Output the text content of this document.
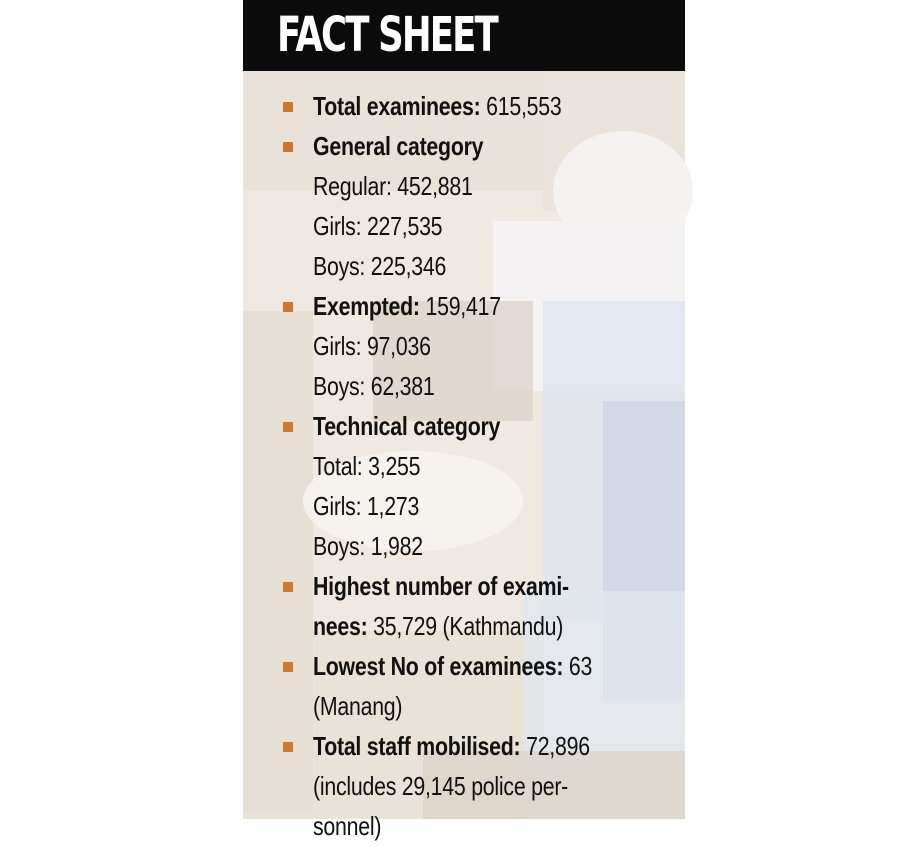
FACT SHEET
Total examinees: 615,553
General category
Regular: 452,881
Girls: 227,535
Boys: 225,346
Exempted: 159,417
Girls: 97,036
Boys: 62,381
Technical category
Total: 3,255
Girls: 1,273
Boys: 1,982
Highest number of exami-
nees: 35,729 (Kathmandu)
Lowest No of examinees: 63
(Manang)
Total staff mobilised: 72,896
(includes 29,145 police per-
sonnel)
